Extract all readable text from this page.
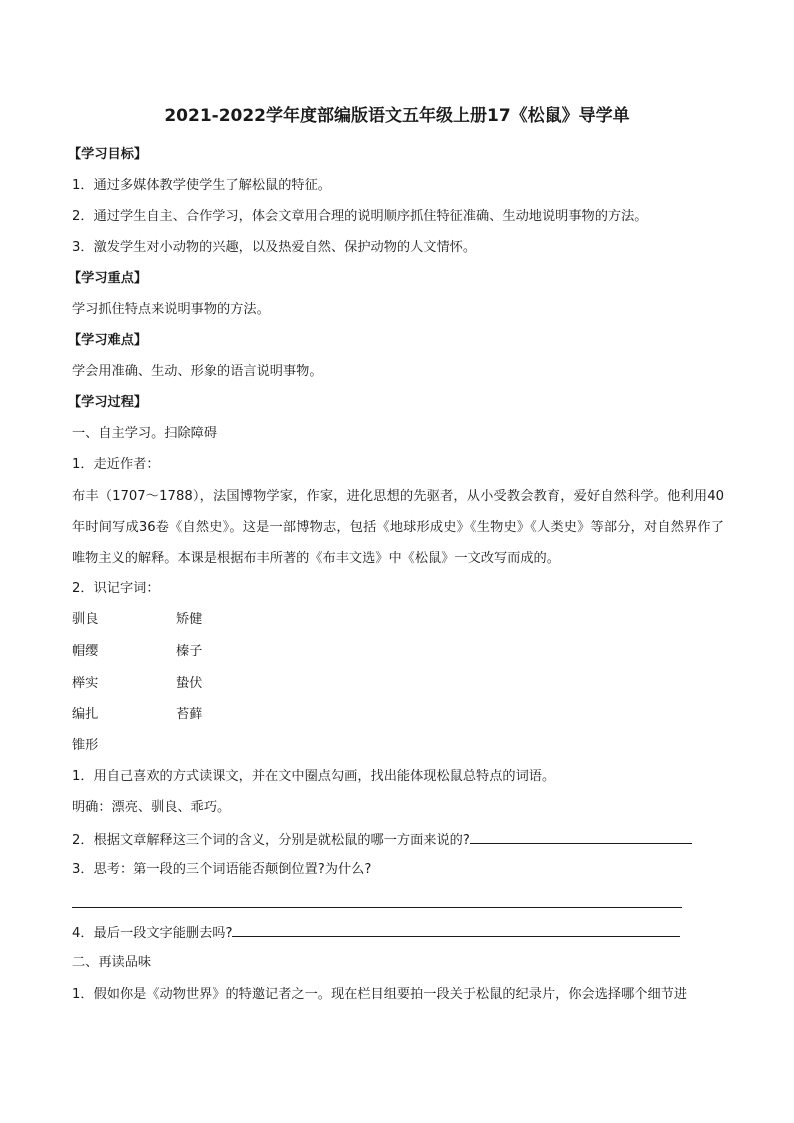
2021-2022学年度部编版语文五年级上册17《松鼠》导学单
【学习目标】
1．通过多媒体教学使学生了解松鼠的特征。
2．通过学生自主、合作学习，体会文章用合理的说明顺序抓住特征准确、生动地说明事物的方法。
3．激发学生对小动物的兴趣，以及热爱自然、保护动物的人文情怀。
【学习重点】
学习抓住特点来说明事物的方法。
【学习难点】
学会用准确、生动、形象的语言说明事物。
【学习过程】
一、自主学习。扫除障碍
1．走近作者：
布丰（1707～1788），法国博物学家，作家，进化思想的先驱者，从小受教会教育，爱好自然科学。他利用40年时间写成36卷《自然史》。这是一部博物志，包括《地球形成史》《生物史》《人类史》等部分，对自然界作了唯物主义的解释。本课是根据布丰所著的《布丰文选》中《松鼠》一文改写而成的。
2．识记字词：
驯良	矫健
帽缨	榛子
榉实	蛰伏
编扎	苔藓
锥形
1．用自己喜欢的方式读课文，并在文中圈点勾画，找出能体现松鼠总特点的词语。
明确：漂亮、驯良、乖巧。
2．根据文章解释这三个词的含义，分别是就松鼠的哪一方面来说的?
3．思考：第一段的三个词语能否颠倒位置?为什么?
4．最后一段文字能删去吗?
二、再读品味
1．假如你是《动物世界》的特邀记者之一。现在栏目组要拍一段关于松鼠的纪录片，你会选择哪个细节进
